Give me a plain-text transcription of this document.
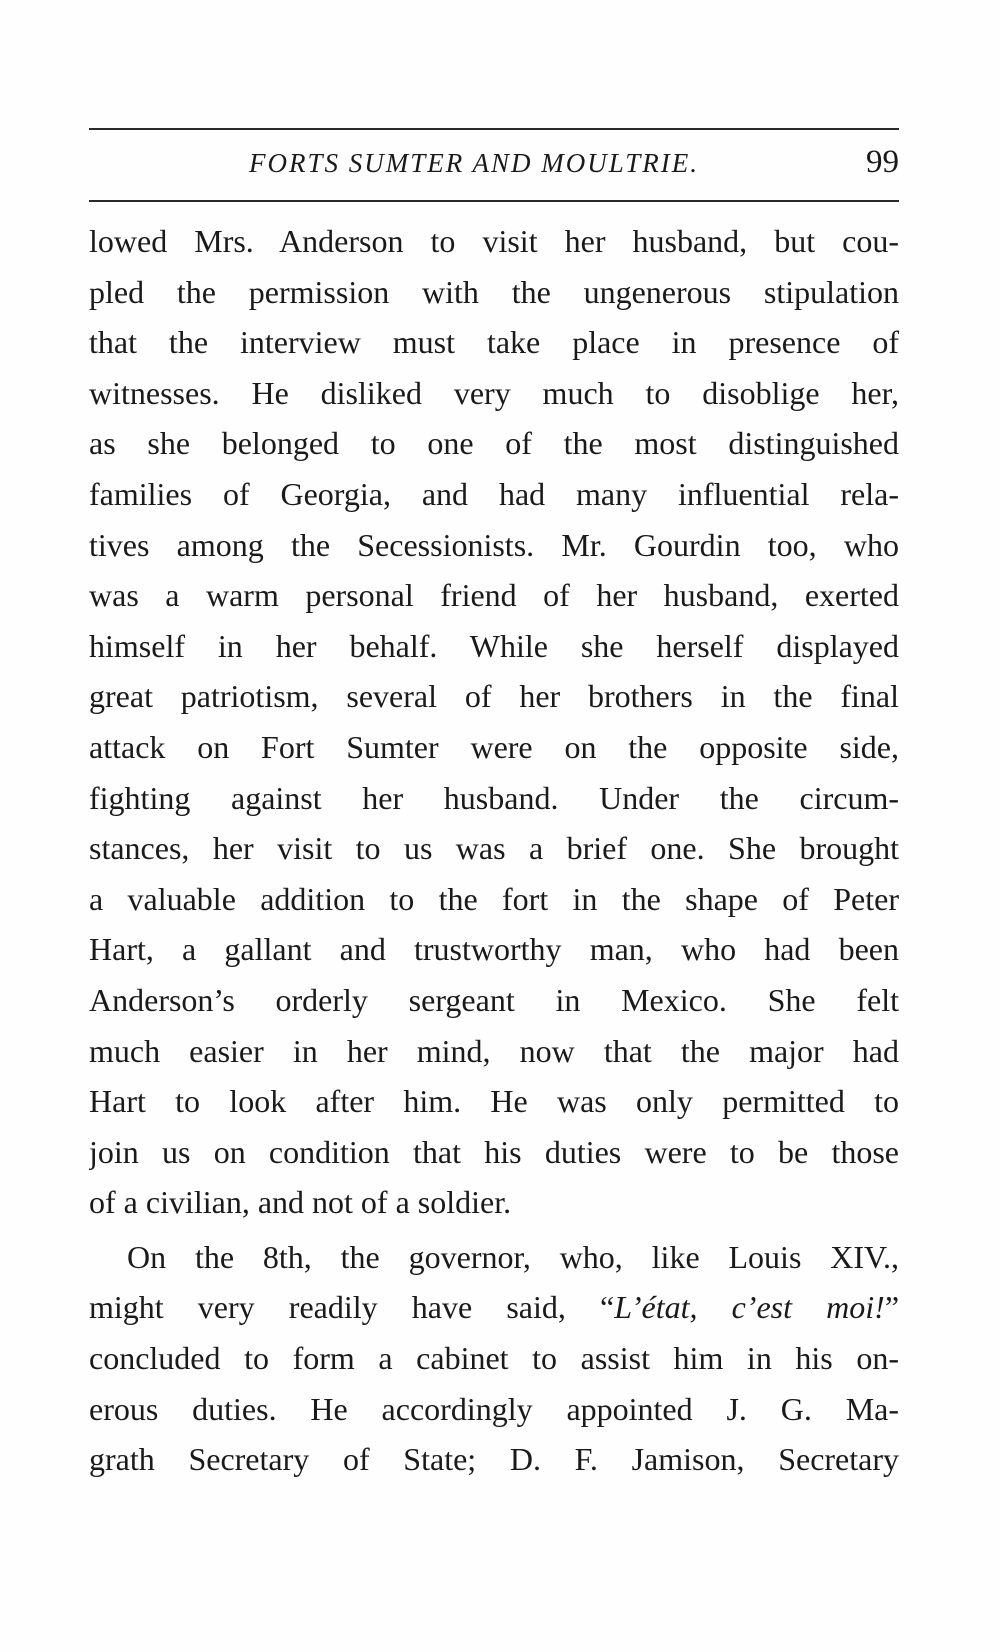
FORTS SUMTER AND MOULTRIE.	99
lowed Mrs. Anderson to visit her husband, but cou-
pled the permission with the ungenerous stipulation
that the interview must take place in presence of
witnesses. He disliked very much to disoblige her,
as she belonged to one of the most distinguished
families of Georgia, and had many influential rela-
tives among the Secessionists. Mr. Gourdin too, who
was a warm personal friend of her husband, exerted
himself in her behalf. While she herself displayed
great patriotism, several of her brothers in the final
attack on Fort Sumter were on the opposite side,
fighting against her husband. Under the circum-
stances, her visit to us was a brief one. She brought
a valuable addition to the fort in the shape of Peter
Hart, a gallant and trustworthy man, who had been
Anderson’s orderly sergeant in Mexico. She felt
much easier in her mind, now that the major had
Hart to look after him. He was only permitted to
join us on condition that his duties were to be those
of a civilian, and not of a soldier.
On the 8th, the governor, who, like Louis XIV.,
might very readily have said, “L’état, c’est moi!”
concluded to form a cabinet to assist him in his on-
erous duties. He accordingly appointed J. G. Ma-
grath Secretary of State; D. F. Jamison, Secretary
